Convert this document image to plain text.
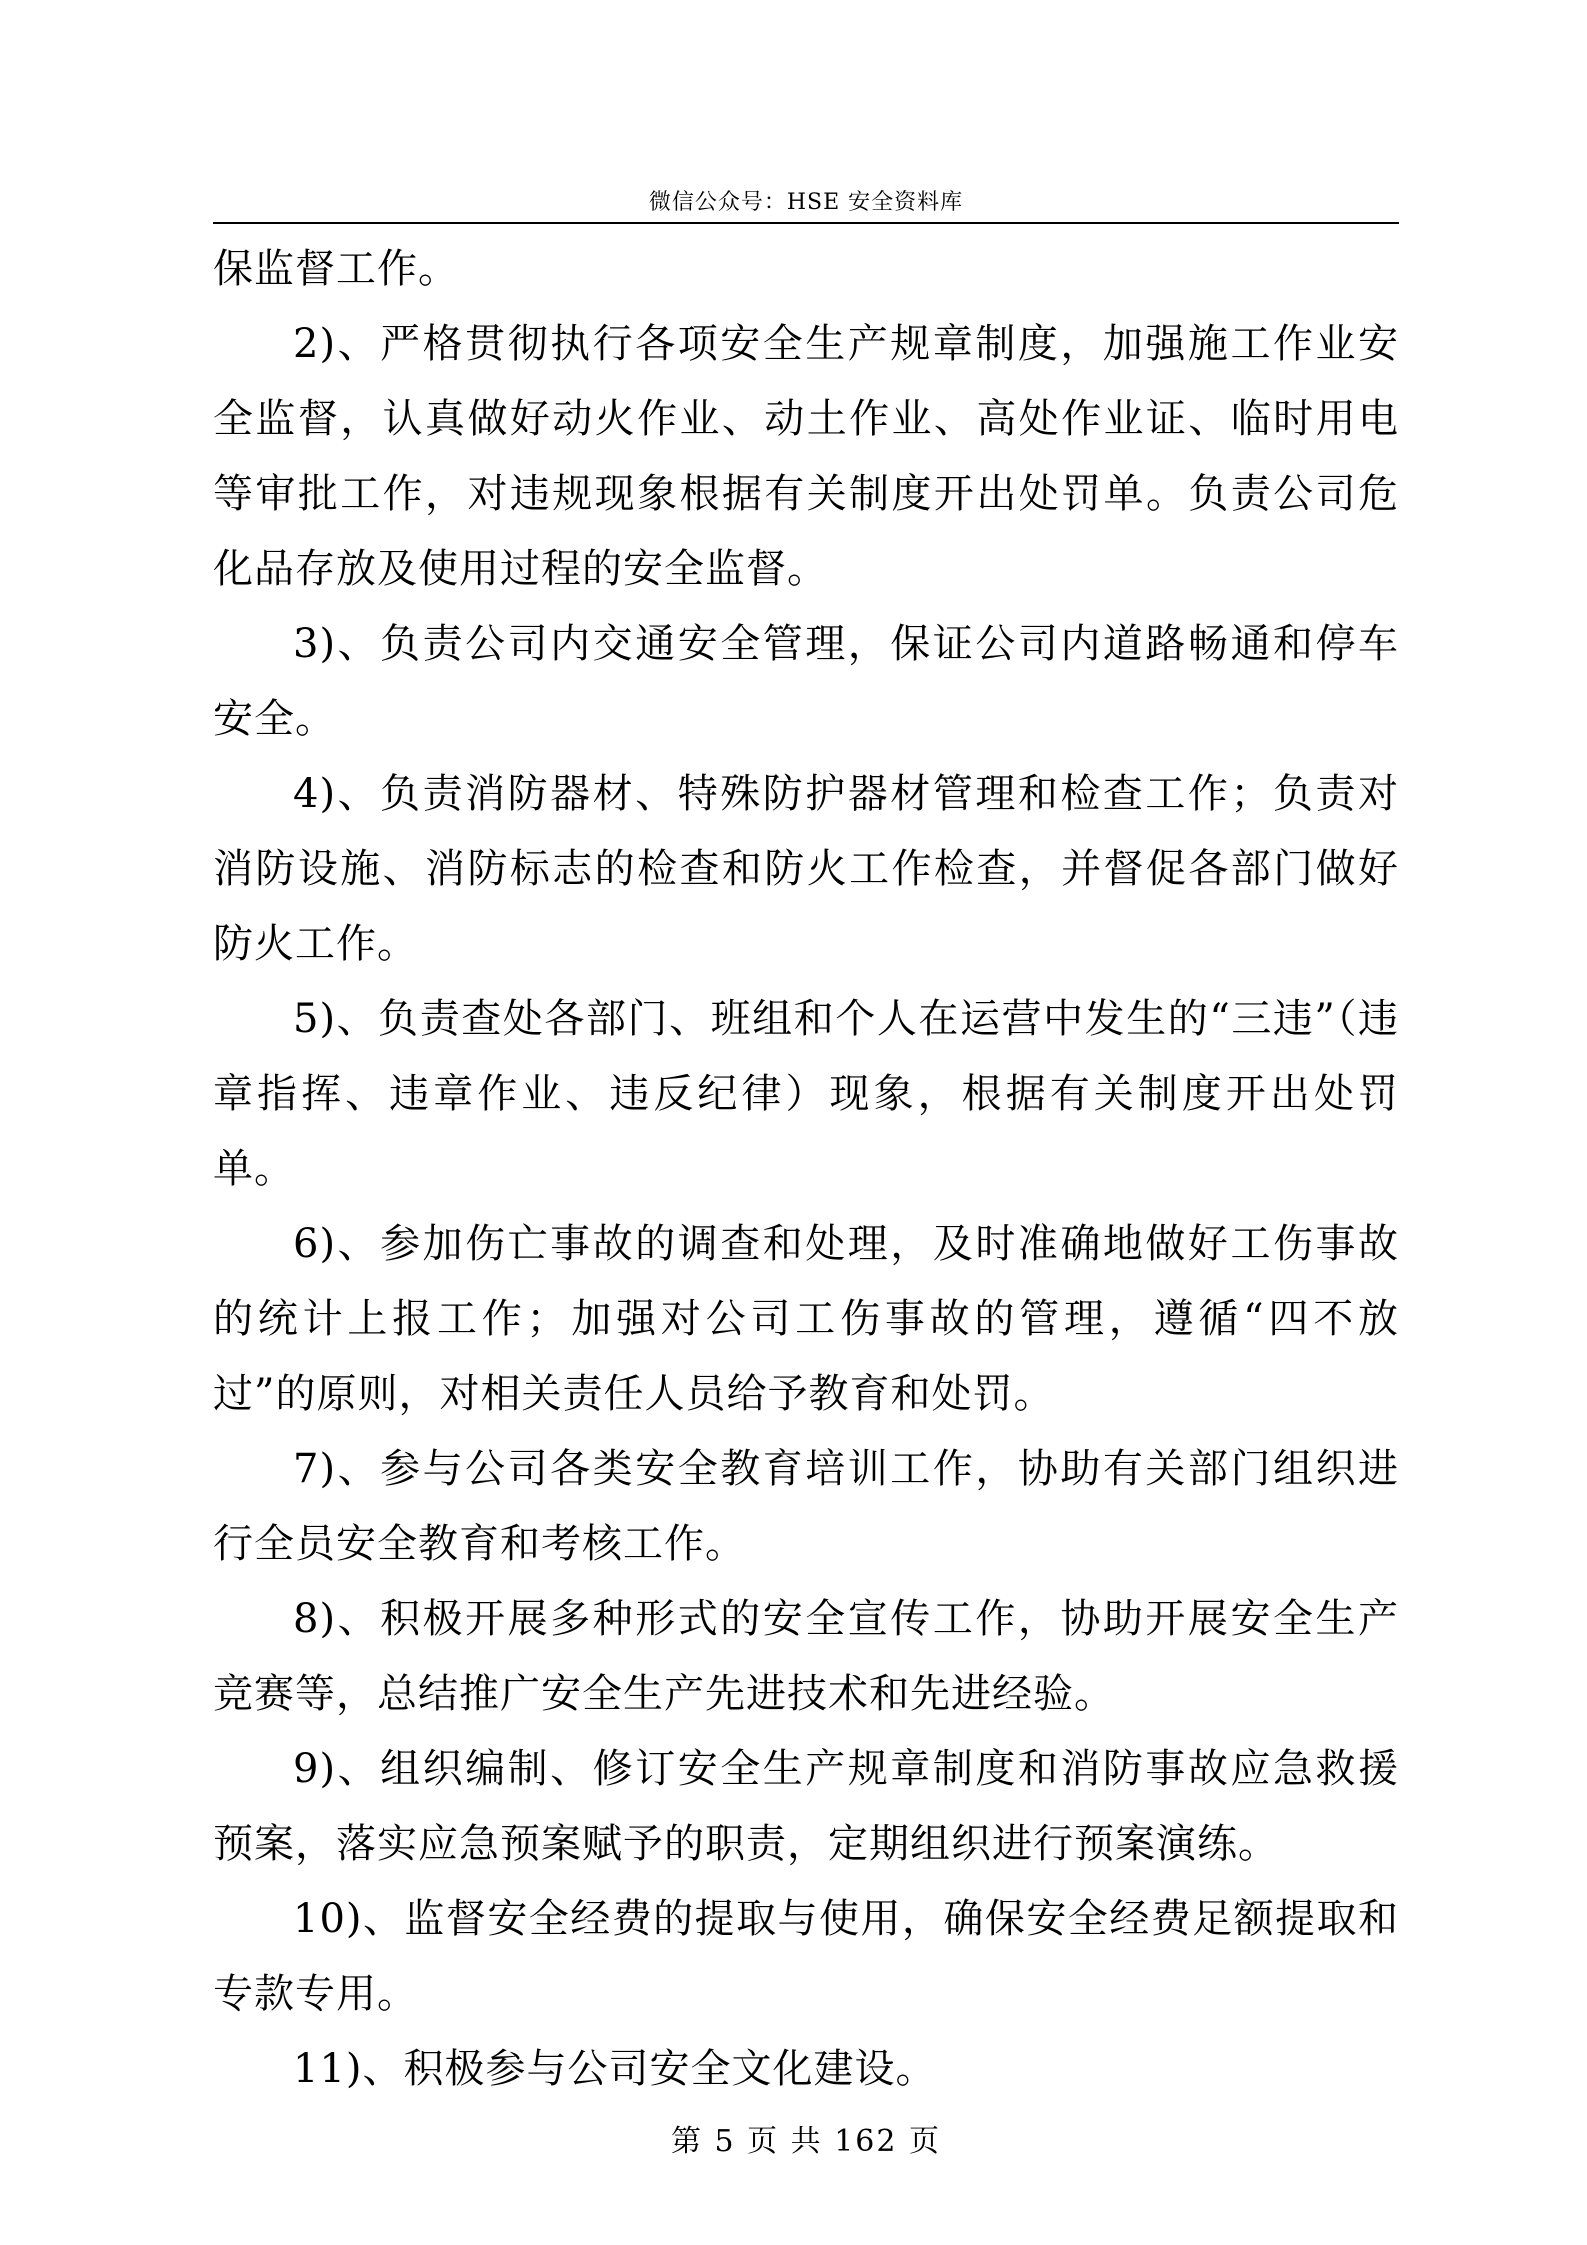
微信公众号：HSE 安全资料库

保监督工作。

2)、严格贯彻执行各项安全生产规章制度，加强施工作业安全监督，认真做好动火作业、动土作业、高处作业证、临时用电等审批工作，对违规现象根据有关制度开出处罚单。负责公司危化品存放及使用过程的安全监督。

3)、负责公司内交通安全管理，保证公司内道路畅通和停车安全。

4)、负责消防器材、特殊防护器材管理和检查工作；负责对消防设施、消防标志的检查和防火工作检查，并督促各部门做好防火工作。

5)、负责查处各部门、班组和个人在运营中发生的“三违”（违章指挥、违章作业、违反纪律）现象，根据有关制度开出处罚单。

6)、参加伤亡事故的调查和处理，及时准确地做好工伤事故的统计上报工作；加强对公司工伤事故的管理，遵循“四不放过”的原则，对相关责任人员给予教育和处罚。

7)、参与公司各类安全教育培训工作，协助有关部门组织进行全员安全教育和考核工作。

8)、积极开展多种形式的安全宣传工作，协助开展安全生产竞赛等，总结推广安全生产先进技术和先进经验。

9)、组织编制、修订安全生产规章制度和消防事故应急救援预案，落实应急预案赋予的职责，定期组织进行预案演练。

10)、监督安全经费的提取与使用，确保安全经费足额提取和专款专用。

11)、积极参与公司安全文化建设。

第 5 页 共 162 页
